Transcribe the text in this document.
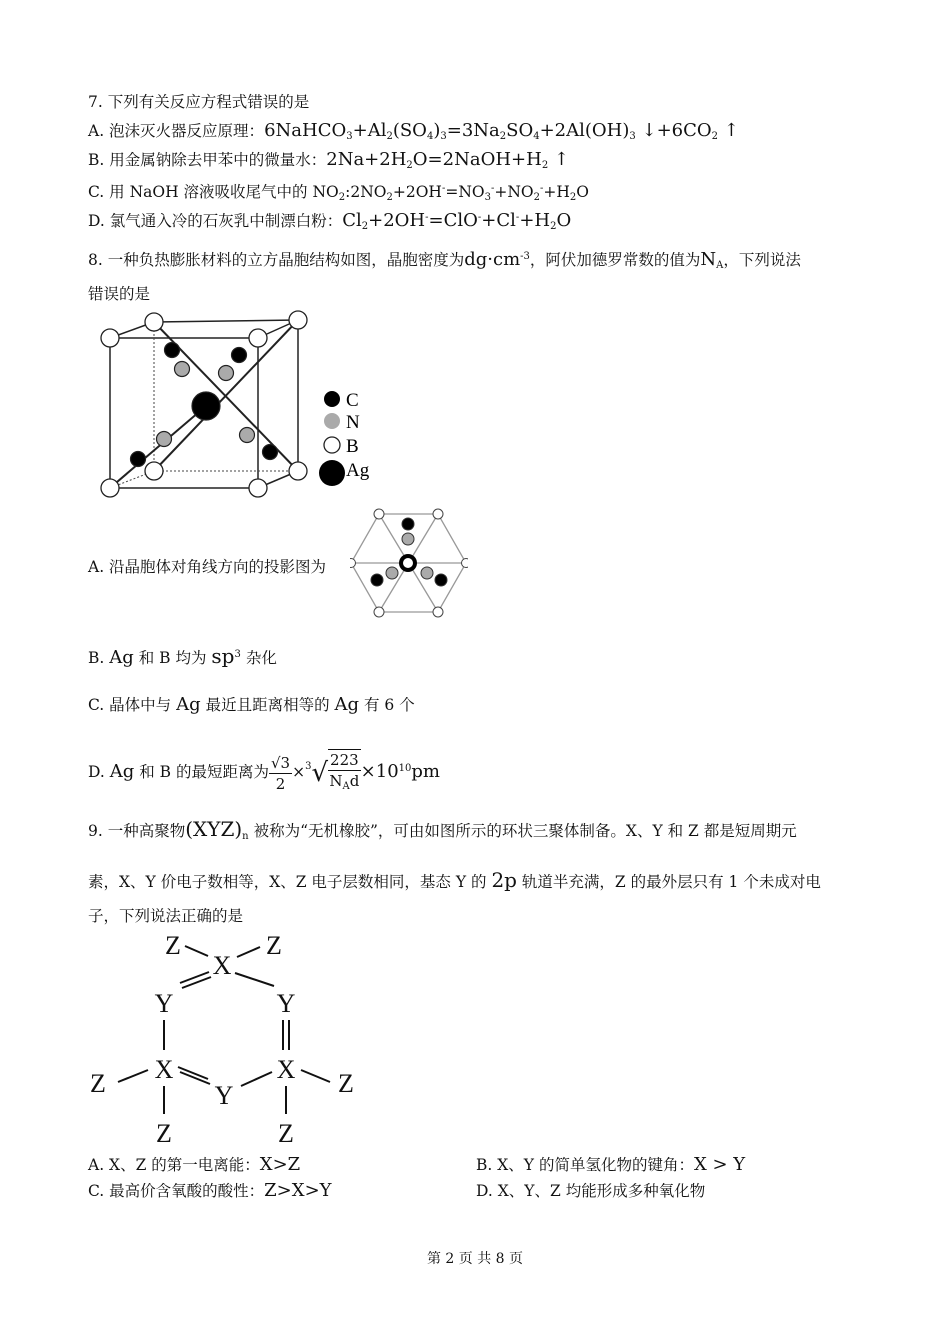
7. 下列有关反应方程式错误的是
A. 泡沫灭火器反应原理：$6NaHCO_3+Al_2(SO_4)_3=3Na_2SO_4+2Al(OH)_3$ $↓+6CO_2$ ↑
B. 用金属钠除去甲苯中的微量水：$2Na+2H_2O=2NaOH+H_2$ ↑
C. 用 NaOH 溶液吸收尾气中的 $NO_2:2NO_2+2OH^-=NO_3^-+NO_2^-+H_2O$
D. 氯气通入冷的石灰乳中制漂白粉：$Cl_2+2OH^-=ClO^-+Cl^-+H_2O$
8. 一种负热膨胀材料的立方晶胞结构如图，晶胞密度为$dg\cdot cm^{-3}$，阿伏加德罗常数的值为$N_A$，下列说法
错误的是
C
N
B
Ag
A. 沿晶胞体对角线方向的投影图为
B. Ag 和 B 均为 $sp^3$ 杂化
C. 晶体中与 Ag 最近且距离相等的 Ag 有 6 个
D. Ag 和 B 的最短距离为 $\frac{√3}{2} \times^3√ \frac{223}{N_Ad} \times 10^{10}pm$
9. 一种高聚物$(XYZ)_n$ 被称为“无机橡胶”，可由如图所示的环状三聚体制备。X、Y 和 Z 都是短周期元
素，X、Y 价电子数相等，X、Z 电子层数相同，基态 Y 的 2p 轨道半充满，Z 的最外层只有 1 个未成对电
子，下列说法正确的是
Z	Z
X
Y	Y
X	X
Y
Z	Z
Z	Z
A. X、Z 的第一电离能：X>Z	B. X、Y 的简单氢化物的键角：X > Y
C. 最高价含氧酸的酸性：Z>X>Y	D. X、Y、Z 均能形成多种氧化物
第 2 页 共 8 页
